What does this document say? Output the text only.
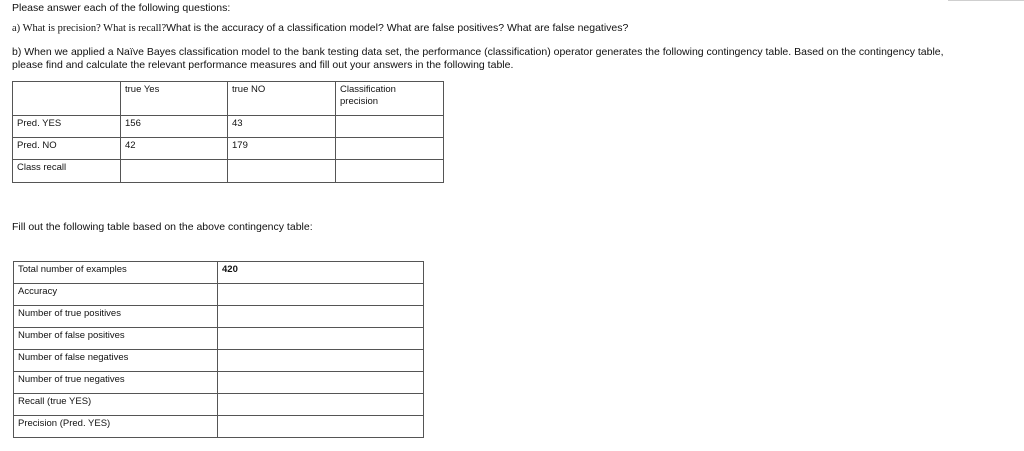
Please answer each of the following questions:
a) What is precision? What is recall?What is the accuracy of a classification model? What are false positives? What are false negatives?
b) When we applied a Naïve Bayes classification model to the bank testing data set, the performance (classification) operator generates the following contingency table. Based on the contingency table,
please find and calculate the relevant performance measures and fill out your answers in the following table.
	true Yes	true NO	Classification
precision
Pred. YES	156	43	
Pred. NO	42	179	
Class recall			
Fill out the following table based on the above contingency table:
Total number of examples	420
Accuracy	
Number of true positives	
Number of false positives	
Number of false negatives	
Number of true negatives	
Recall (true YES)	
Precision (Pred. YES)	
